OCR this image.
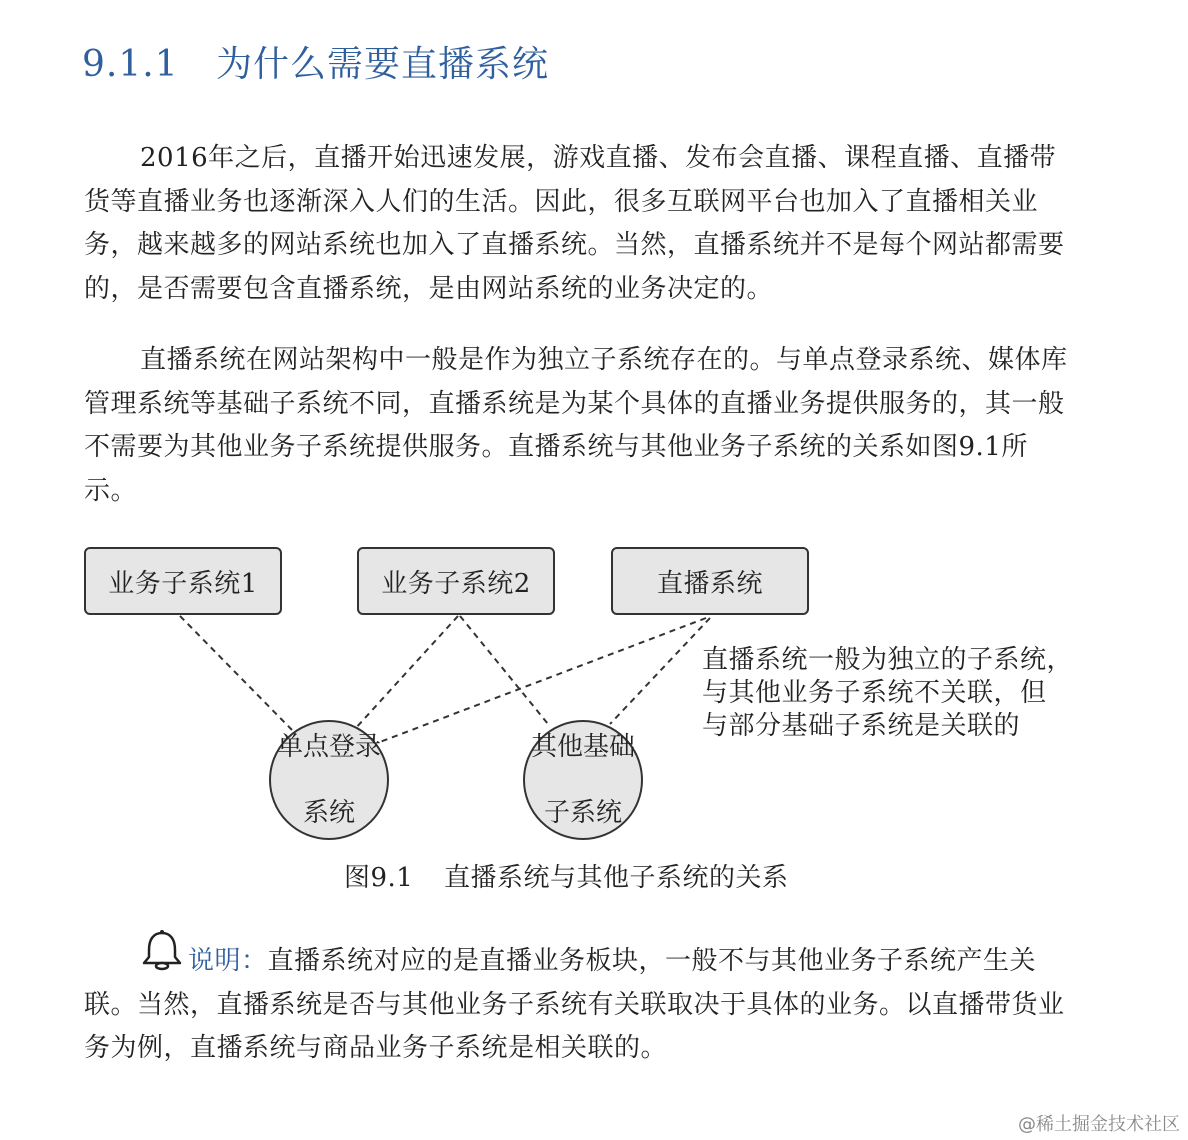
9.1.1 为什么需要直播系统

2016年之后，直播开始迅速发展，游戏直播、发布会直播、课程直播、直播带货等直播业务也逐渐深入人们的生活。因此，很多互联网平台也加入了直播相关业务，越来越多的网站系统也加入了直播系统。当然，直播系统并不是每个网站都需要的，是否需要包含直播系统，是由网站系统的业务决定的。

直播系统在网站架构中一般是作为独立子系统存在的。与单点登录系统、媒体库管理系统等基础子系统不同，直播系统是为某个具体的直播业务提供服务的，其一般不需要为其他业务子系统提供服务。直播系统与其他业务子系统的关系如图9.1所示。

业务子系统1	业务子系统2	直播系统
单点登录

系统
其他基础

子系统
直播系统一般为独立的子系统，
与其他业务子系统不关联，但
与部分基础子系统是关联的
图9.1 直播系统与其他子系统的关系

说明：直播系统对应的是直播业务板块，一般不与其他业务子系统产生关联。当然，直播系统是否与其他业务子系统有关联取决于具体的业务。以直播带货业务为例，直播系统与商品业务子系统是相关联的。

@稀土掘金技术社区
